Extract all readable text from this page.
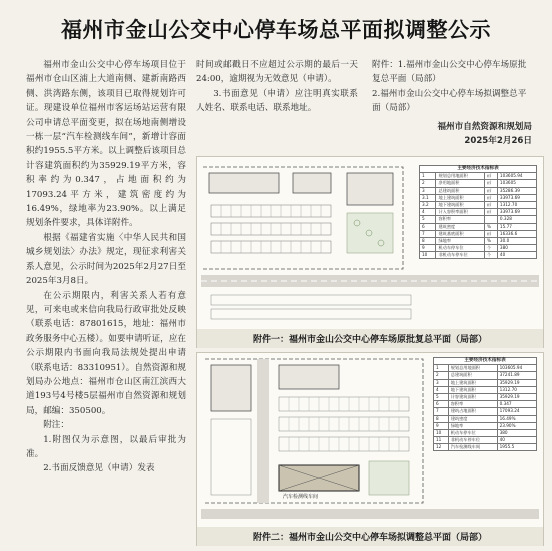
福州市金山公交中心停车场总平面拟调整公示

福州市金山公交中心停车场项目位于福州市仓山区浦上大道南侧、建新南路西侧、洪湾路东侧，该项目已取得规划许可证。现建设单位福州市客运场站运营有限公司申请总平面变更，拟在场地南侧增设一栋一层“汽车检测线车间”，新增计容面积约1955.5平方米。以上调整后该项目总计容建筑面积约为35929.19平方米，容积率约为0.347，占地面积约为17093.24平方米，建筑密度约为16.49%，绿地率为23.90%。以上满足规划条件要求，具体详附件。

根据《福建省实施〈中华人民共和国城乡规划法〉办法》规定，现征求利害关系人意见，公示时间为2025年2月27日至2025年3月8日。

在公示期限内，利害关系人若有意见，可来电或来信向我局行政审批处反映（联系电话：87801615，地址：福州市政务服务中心五楼）。如要申请听证，应在公示期限内书面向我局法规处提出申请（联系电话：83310951）。自然资源和规划局办公地点：福州市仓山区南江滨西大道193号4号楼5层福州市自然资源和规划局，邮编：350500。

附注：

1.附图仅为示意图，以最后审批为准。

2.书面反馈意见（申请）发表

时间或邮戳日不应超过公示期的最后一天24:00，逾期视为无效意见（申请）。

3.书面意见（申请）应注明真实联系人姓名、联系电话、联系地址。

附件：1.福州市金山公交中心停车场原批复总平面（局部）

2.福州市金山公交中心停车场拟调整总平面（局部）

福州市自然资源和规划局

2025年2月26日

主要经济技术指标表			
1	规划总用地面积	㎡	103605.94
2	净用地面积	㎡	103605
3	总建筑面积	㎡	35286.39
3.1	地上建筑面积	㎡	33973.69
3.2	地下建筑面积	㎡	1312.70
4	计入容积率面积	㎡	33973.69
5	容积率		0.328
6	建筑密度	%	15.77
7	建筑基底面积	㎡	16336.6
8	绿地率	%	30.0
9	机动车停车位	个	380
10	非机动车停车位	个	40
附件一：福州市金山公交中心停车场原批复总平面（局部）
主要经济技术指标表		
1	规划总用地面积	103605.94
2	总建筑面积	37241.89
3	地上建筑面积	35929.19
4	地下建筑面积	1312.70
5	计容建筑面积	35929.19
6	容积率	0.347
7	建筑占地面积	17093.24
8	建筑密度	16.49%
9	绿地率	23.90%
10	机动车停车位	380
11	非机动车停车位	40
12	汽车检测线车间	1955.5
汽车检测线车间
附件二：福州市金山公交中心停车场拟调整总平面（局部）
